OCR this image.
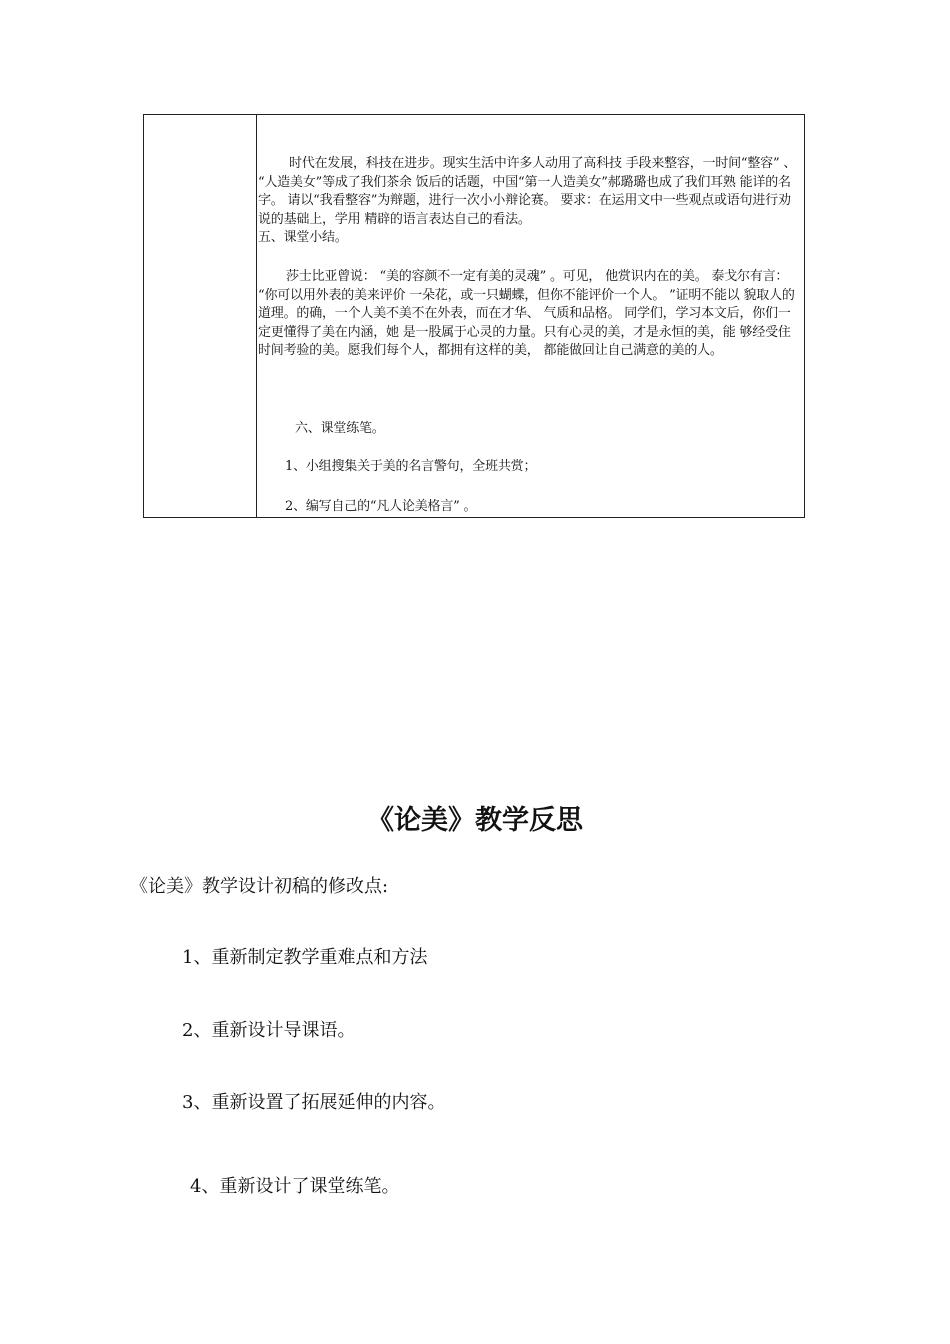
时代在发展，科技在进步。现实生活中许多人动用了高科技 手段来整容，一时间“整容” 、 “人造美女”等成了我们茶余 饭后的话题，中国“第一人造美女”郝璐璐也成了我们耳熟 能详的名字。 请以“我看整容”为辩题，进行一次小小辩论赛。 要求：在运用文中一些观点或语句进行劝说的基础上，学用 精辟的语言表达自己的看法。
五、课堂小结。
莎士比亚曾说： “美的容颜不一定有美的灵魂” 。可见， 他赏识内在的美。 泰戈尔有言： “你可以用外表的美来评价 一朵花，或一只蝴蝶，但你不能评价一个人。 ”证明不能以 貌取人的道理。的确，一个人美不美不在外表，而在才华、 气质和品格。 同学们，学习本文后，你们一定更懂得了美在内涵，她 是一股属于心灵的力量。只有心灵的美，才是永恒的美，能 够经受住时间考验的美。愿我们每个人，都拥有这样的美， 都能做回让自己满意的美的人。
六、课堂练笔。
1、小组搜集关于美的名言警句，全班共赏；
2、编写自己的“凡人论美格言” 。
《论美》教学反思
《论美》教学设计初稿的修改点:
1、重新制定教学重难点和方法
2、重新设计导课语。
3、重新设置了拓展延伸的内容。
4、重新设计了课堂练笔。
